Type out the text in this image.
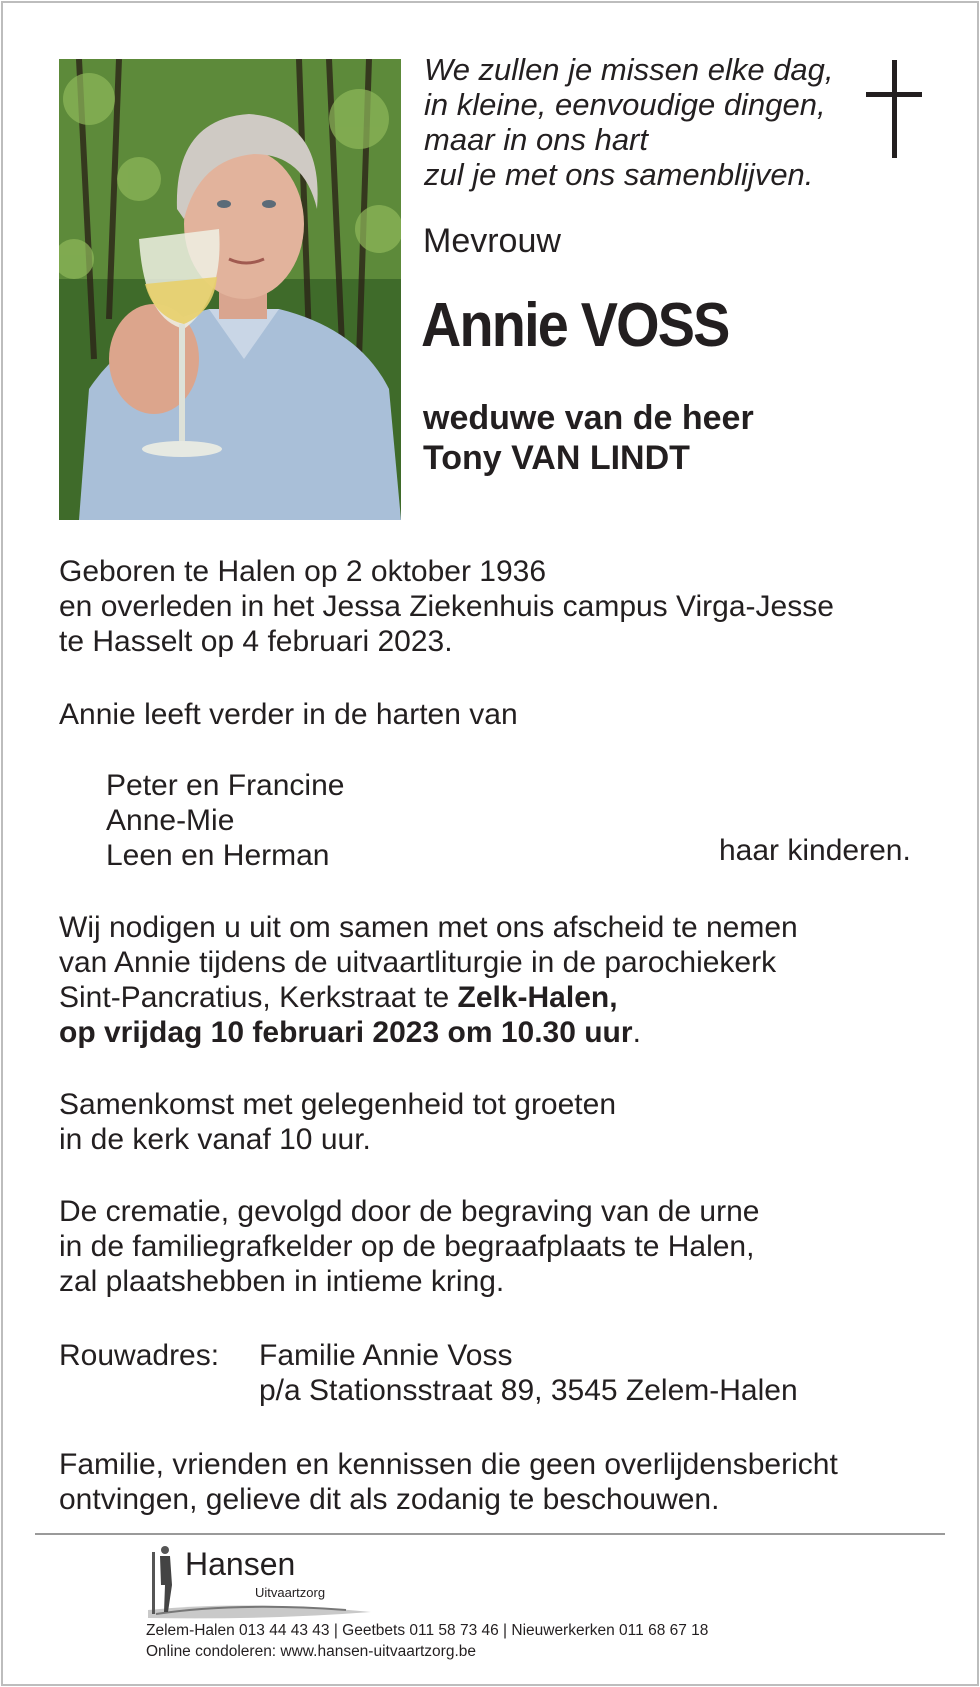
We zullen je missen elke dag,
in kleine, eenvoudige dingen,
maar in ons hart
zul je met ons samenblijven.
Mevrouw
Annie VOSS
weduwe van de heer
Tony VAN LINDT
Geboren te Halen op 2 oktober 1936
en overleden in het Jessa Ziekenhuis campus Virga-Jesse
te Hasselt op 4 februari 2023.
Annie leeft verder in de harten van
Peter en Francine
Anne-Mie
Leen en Herman	haar kinderen.
Wij nodigen u uit om samen met ons afscheid te nemen
van Annie tijdens de uitvaartliturgie in de parochiekerk
Sint-Pancratius, Kerkstraat te Zelk-Halen,
op vrijdag 10 februari 2023 om 10.30 uur.
Samenkomst met gelegenheid tot groeten
in de kerk vanaf 10 uur.
De crematie, gevolgd door de begraving van de urne
in de familiegrafkelder op de begraafplaats te Halen,
zal plaatshebben in intieme kring.
Rouwadres: Familie Annie Voss
p/a Stationsstraat 89, 3545 Zelem-Halen
Familie, vrienden en kennissen die geen overlijdensbericht
ontvingen, gelieve dit als zodanig te beschouwen.
Hansen
Uitvaartzorg
Zelem-Halen 013 44 43 43 | Geetbets 011 58 73 46 | Nieuwerkerken 011 68 67 18
Online condoleren: www.hansen-uitvaartzorg.be
